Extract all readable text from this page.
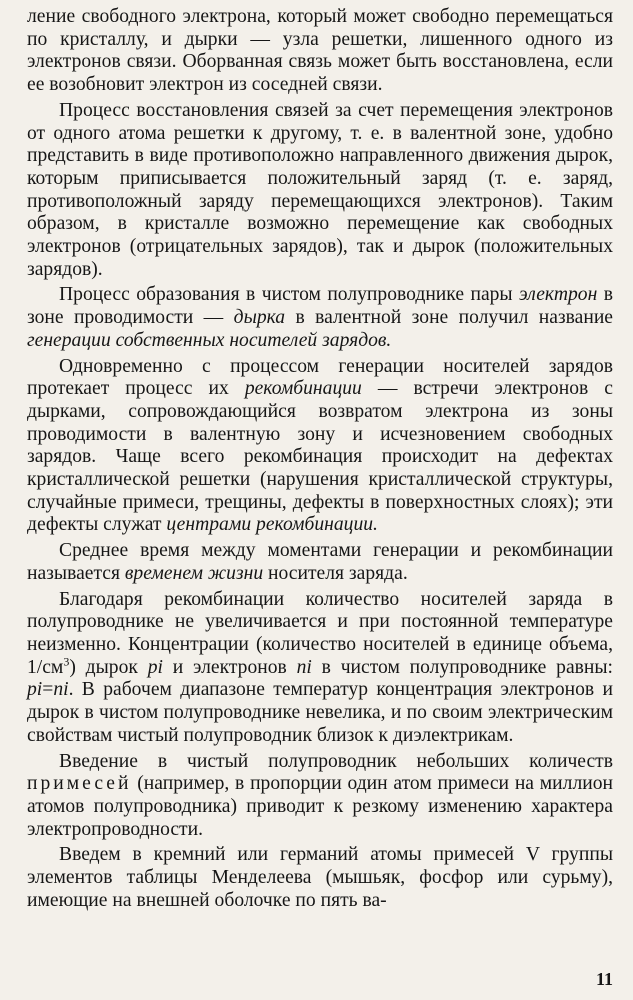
ление свободного электрона, который может свободно перемещаться по кристаллу, и дырки — узла решетки, лишенного одного из электронов связи. Оборванная связь может быть восстановлена, если ее возобновит электрон из соседней связи.

Процесс восстановления связей за счет перемещения электронов от одного атома решетки к другому, т. е. в валентной зоне, удобно представить в виде противоположно направленного движения дырок, которым приписывается положительный заряд (т. е. заряд, противоположный заряду перемещающихся электронов). Таким образом, в кристалле возможно перемещение как свободных электронов (отрицательных зарядов), так и дырок (положительных зарядов).

Процесс образования в чистом полупроводнике пары электрон в зоне проводимости — дырка в валентной зоне получил название генерации собственных носителей зарядов.

Одновременно с процессом генерации носителей зарядов протекает процесс их рекомбинации — встречи электронов с дырками, сопровождающийся возвратом электрона из зоны проводимости в валентную зону и исчезновением свободных зарядов. Чаще всего рекомбинация происходит на дефектах кристаллической решетки (нарушения кристаллической структуры, случайные примеси, трещины, дефекты в поверхностных слоях); эти дефекты служат центрами рекомбинации.

Среднее время между моментами генерации и рекомбинации называется временем жизни носителя заряда.

Благодаря рекомбинации количество носителей заряда в полупроводнике не увеличивается и при постоянной температуре неизменно. Концентрации (количество носителей в единице объема, $1/см^3$) дырок pi и электронов ni в чистом полупроводнике равны: pi=ni. В рабочем диапазоне температур концентрация электронов и дырок в чистом полупроводнике невелика, и по своим электрическим свойствам чистый полупроводник близок к диэлектрикам.

Введение в чистый полупроводник небольших количеств примесей (например, в пропорции один атом примеси на миллион атомов полупроводника) приводит к резкому изменению характера электропроводности.

Введем в кремний или германий атомы примесей V группы элементов таблицы Менделеева (мышьяк, фосфор или сурьму), имеющие на внешней оболочке по пять ва-

11
